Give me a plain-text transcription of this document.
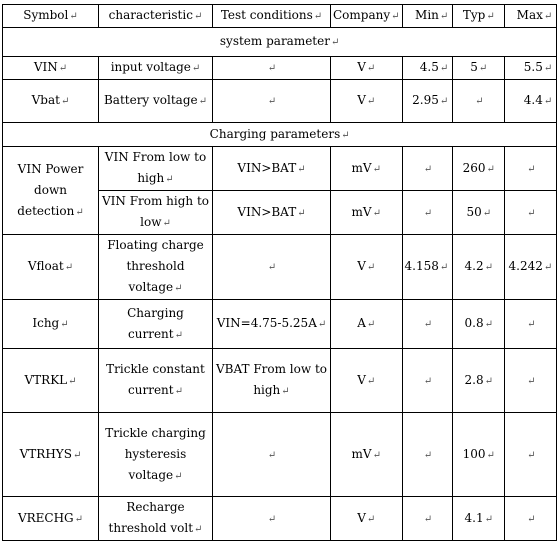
Symbol ↵	characteristic ↵	Test conditions ↵	Company ↵	Min ↵	Typ ↵	Max ↵
system parameter ↵
VIN ↵	input voltage ↵	↵	V ↵	4.5 ↵	5 ↵	5.5 ↵
Vbat ↵	Battery voltage ↵	↵	V ↵	2.95 ↵	↵	4.4 ↵
Charging parameters ↵
VIN Power down detection ↵	VIN From low to high ↵	VIN>BAT ↵	mV ↵	↵	260 ↵	↵
	VIN From high to low ↵	VIN>BAT ↵	mV ↵	↵	50 ↵	↵
Vfloat ↵	Floating charge threshold voltage ↵	↵	V ↵	4.158 ↵	4.2 ↵	4.242 ↵
Ichg ↵	Charging current ↵	VIN=4.75-5.25A ↵	A ↵	↵	0.8 ↵	↵
VTRKL ↵	Trickle constant current ↵	VBAT From low to high ↵	V ↵	↵	2.8 ↵	↵
VTRHYS ↵	Trickle charging hysteresis voltage ↵	↵	mV ↵	↵	100 ↵	↵
VRECHG ↵	Recharge threshold volt ↵	↵	V ↵	↵	4.1 ↵	↵
